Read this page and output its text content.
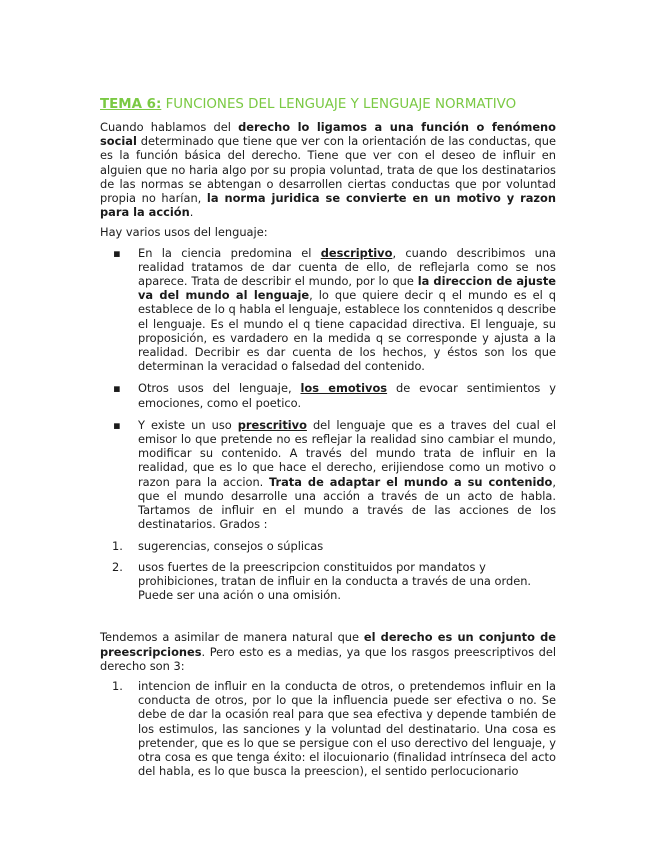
TEMA 6: FUNCIONES DEL LENGUAJE Y LENGUAJE NORMATIVO

Cuando hablamos del derecho lo ligamos a una función o fenómeno social determinado que tiene que ver con la orientación de las conductas, que es la función básica del derecho. Tiene que ver con el deseo de influir en alguien que no haria algo por su propia voluntad, trata de que los destinatarios de las normas se abtengan o desarrollen ciertas conductas que por voluntad propia no harían, la norma juridica se convierte en un motivo y razon para la acción.

Hay varios usos del lenguaje:

▪ En la ciencia predomina el descriptivo, cuando describimos una realidad tratamos de dar cuenta de ello, de reflejarla como se nos aparece. Trata de describir el mundo, por lo que la direccion de ajuste va del mundo al lenguaje, lo que quiere decir q el mundo es el q establece de lo q habla el lenguaje, establece los conntenidos q describe el lenguaje. Es el mundo el q tiene capacidad directiva. El lenguaje, su proposición, es vardadero en la medida q se corresponde y ajusta a la realidad. Decribir es dar cuenta de los hechos, y éstos son los que determinan la veracidad o falsedad del contenido.
▪ Otros usos del lenguaje, los emotivos de evocar sentimientos y emociones, como el poetico.
▪ Y existe un uso prescritivo del lenguaje que es a traves del cual el emisor lo que pretende no es reflejar la realidad sino cambiar el mundo, modificar su contenido. A través del mundo trata de influir en la realidad, que es lo que hace el derecho, erijiendose como un motivo o razon para la accion. Trata de adaptar el mundo a su contenido, que el mundo desarrolle una acción a través de un acto de habla. Tartamos de influir en el mundo a través de las acciones de los destinatarios. Grados :
1. sugerencias, consejos o súplicas
2. usos fuertes de la preescripcion constituidos por mandatos y prohibiciones, tratan de influir en la conducta a través de una orden. Puede ser una ación o una omisión.

Tendemos a asimilar de manera natural que el derecho es un conjunto de preescripciones. Pero esto es a medias, ya que los rasgos preescriptivos del derecho son 3:

1. intencion de influir en la conducta de otros, o pretendemos influir en la conducta de otros, por lo que la influencia puede ser efectiva o no. Se debe de dar la ocasión real para que sea efectiva y depende también de los estimulos, las sanciones y la voluntad del destinatario. Una cosa es pretender, que es lo que se persigue con el uso derectivo del lenguaje, y otra cosa es que tenga éxito: el ilocuionario (finalidad intrínseca del acto del habla, es lo que busca la preescion), el sentido perlocucionario
